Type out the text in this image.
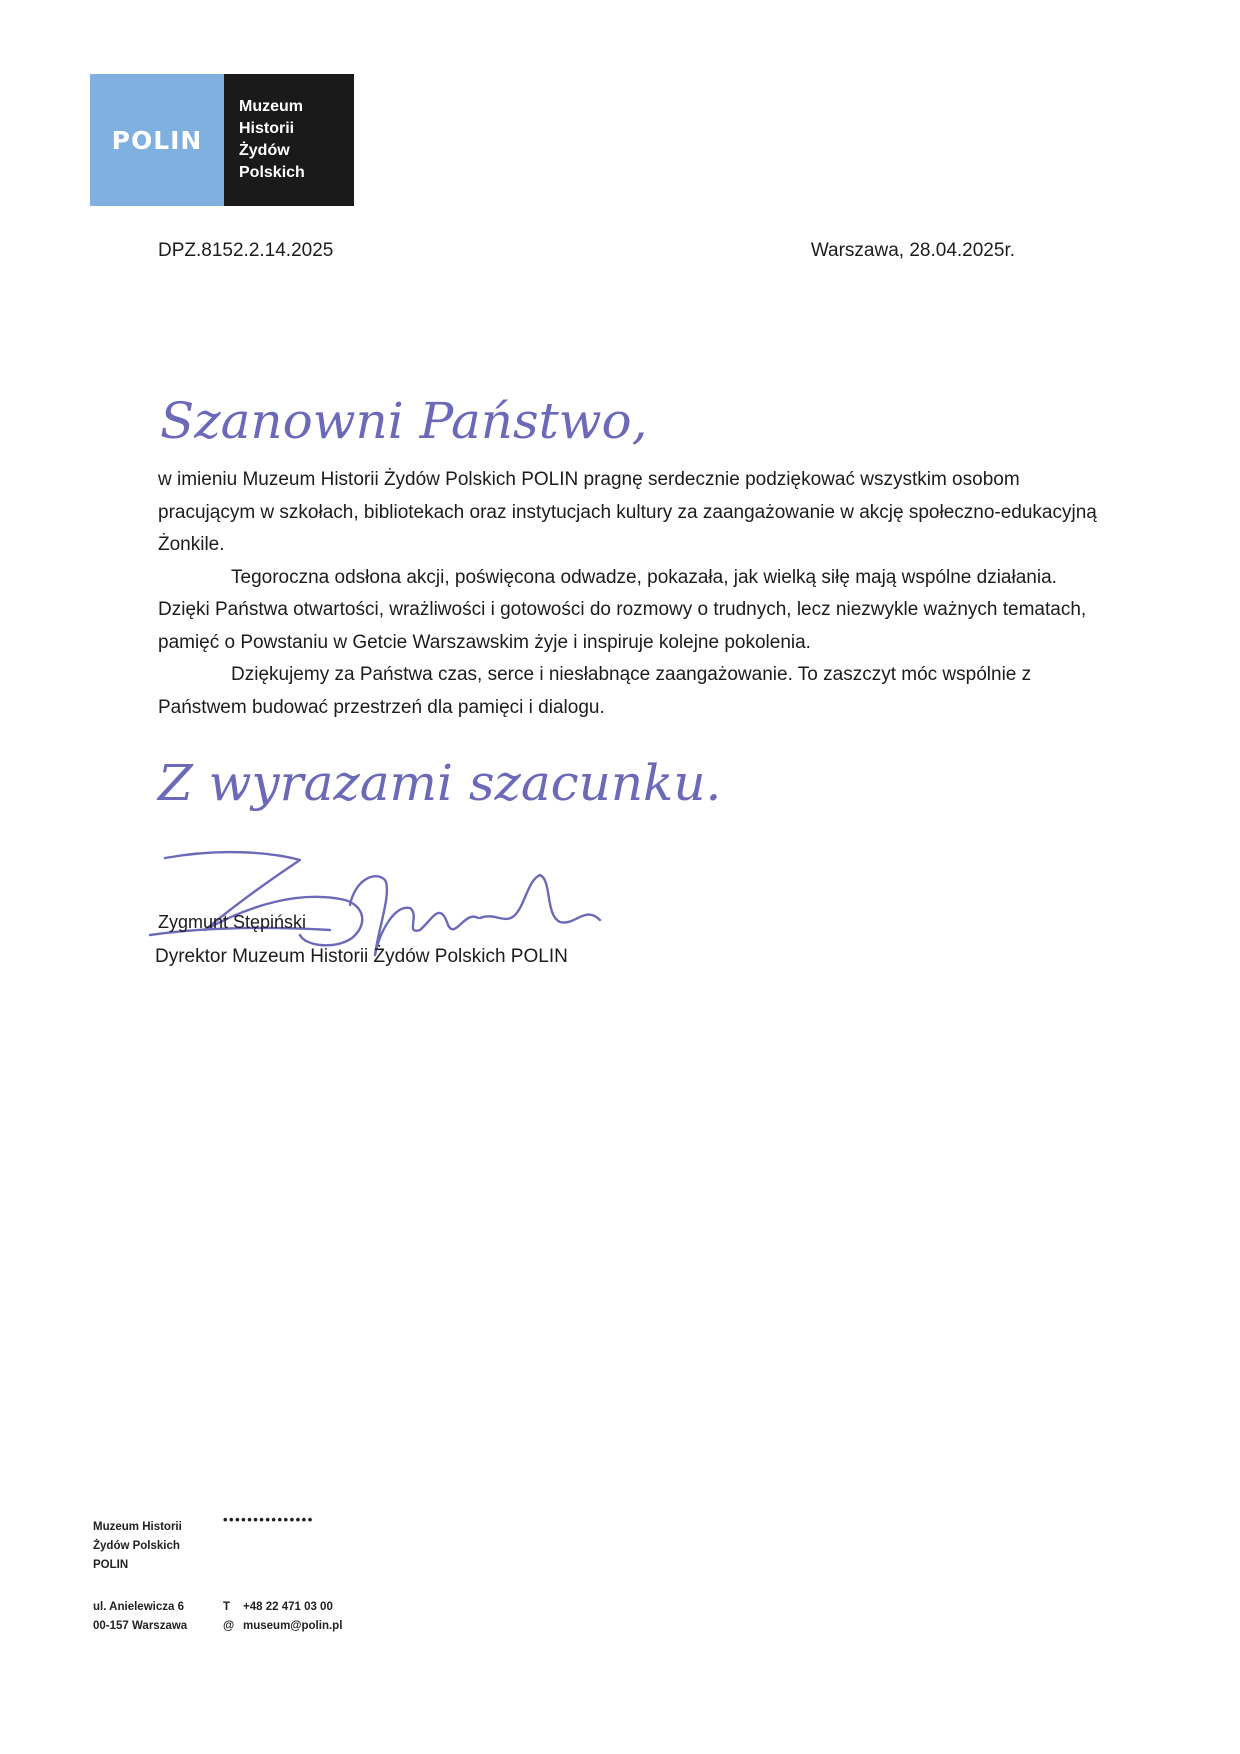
POLIN
Muzeum
Historii
Żydów
Polskich
DPZ.8152.2.14.2025	Warszawa, 28.04.2025r.
Szanowni Państwo,
Z wyrazami szacunku.

w imieniu Muzeum Historii Żydów Polskich POLIN pragnę serdecznie podziękować wszystkim osobom pracującym w szkołach, bibliotekach oraz instytucjach kultury za zaangażowanie w akcję społeczno-edukacyjną Żonkile.

Tegoroczna odsłona akcji, poświęcona odwadze, pokazała, jak wielką siłę mają wspólne działania. Dzięki Państwa otwartości, wrażliwości i gotowości do rozmowy o trudnych, lecz niezwykle ważnych tematach, pamięć o Powstaniu w Getcie Warszawskim żyje i inspiruje kolejne pokolenia.

Dziękujemy za Państwa czas, serce i niesłabnące zaangażowanie. To zaszczyt móc wspólnie z Państwem budować przestrzeń dla pamięci i dialogu.

Zygmunt Stępiński
Dyrektor Muzeum Historii Żydów Polskich POLIN
Muzeum Historii
Żydów Polskich
POLIN
•••••••••••••••
ul. Anielewicza 6
00-157 Warszawa
T	+48 22 471 03 00
@ museum@polin.pl
